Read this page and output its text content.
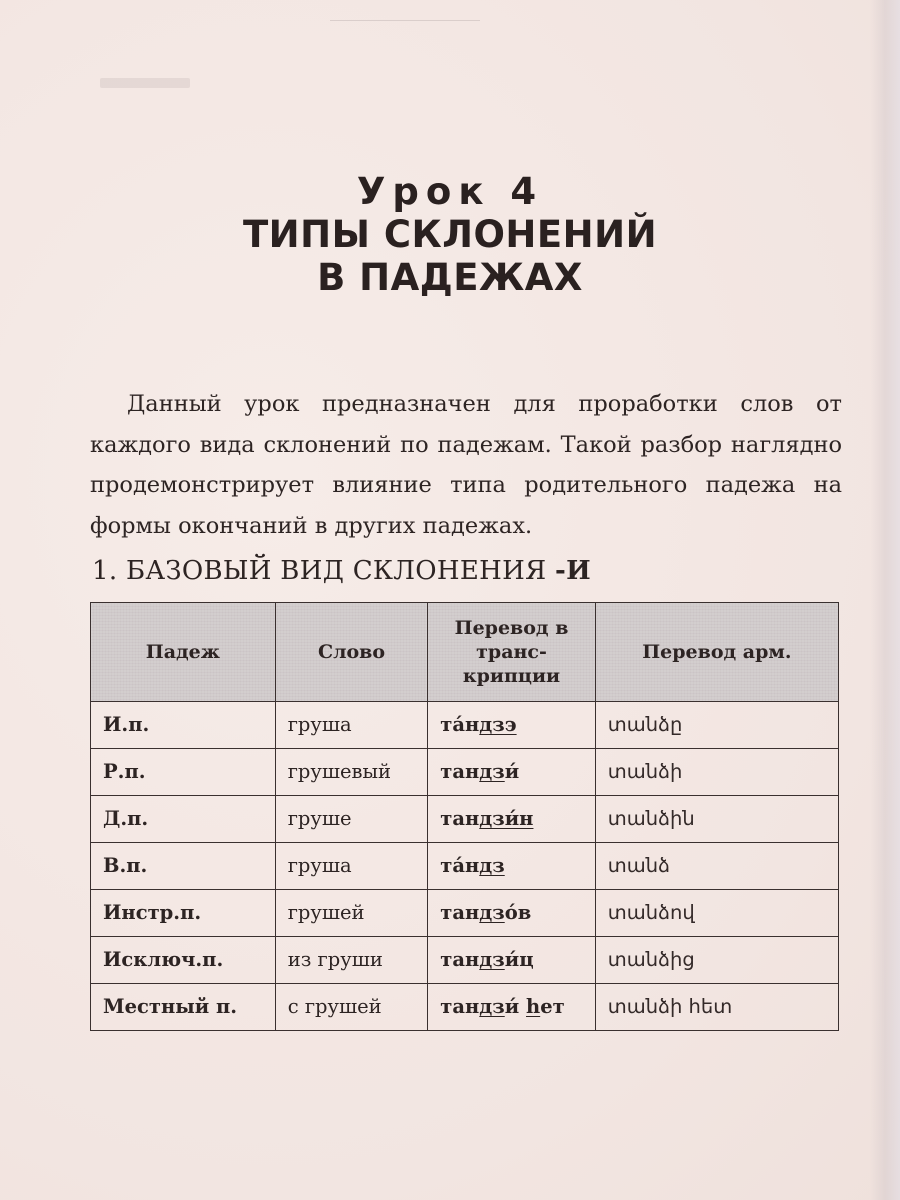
Урок 4
ТИПЫ СКЛОНЕНИЙ
В ПАДЕЖАХ

Данный урок предназначен для проработки слов от каждого вида склонений по падежам. Такой разбор наглядно продемонстрирует влияние типа родительного падежа на формы окончаний в других падежах.

1. БАЗОВЫЙ ВИД СКЛОНЕНИЯ -И
Падеж	Слово	Перевод в транскрипции	Перевод арм.
И.п.	груша	та́ндзэ	տանձը
Р.п.	грушевый	тандзи́	տանձի
Д.п.	груше	тандзи́н	տանձին
В.п.	груша	та́ндз	տանձ
Инстр.п.	грушей	тандзо́в	տանձով
Исключ.п.	из груши	тандзи́ц	տանձից
Местный п.	с грушей	тандзи́ hет	տանձի հետ
